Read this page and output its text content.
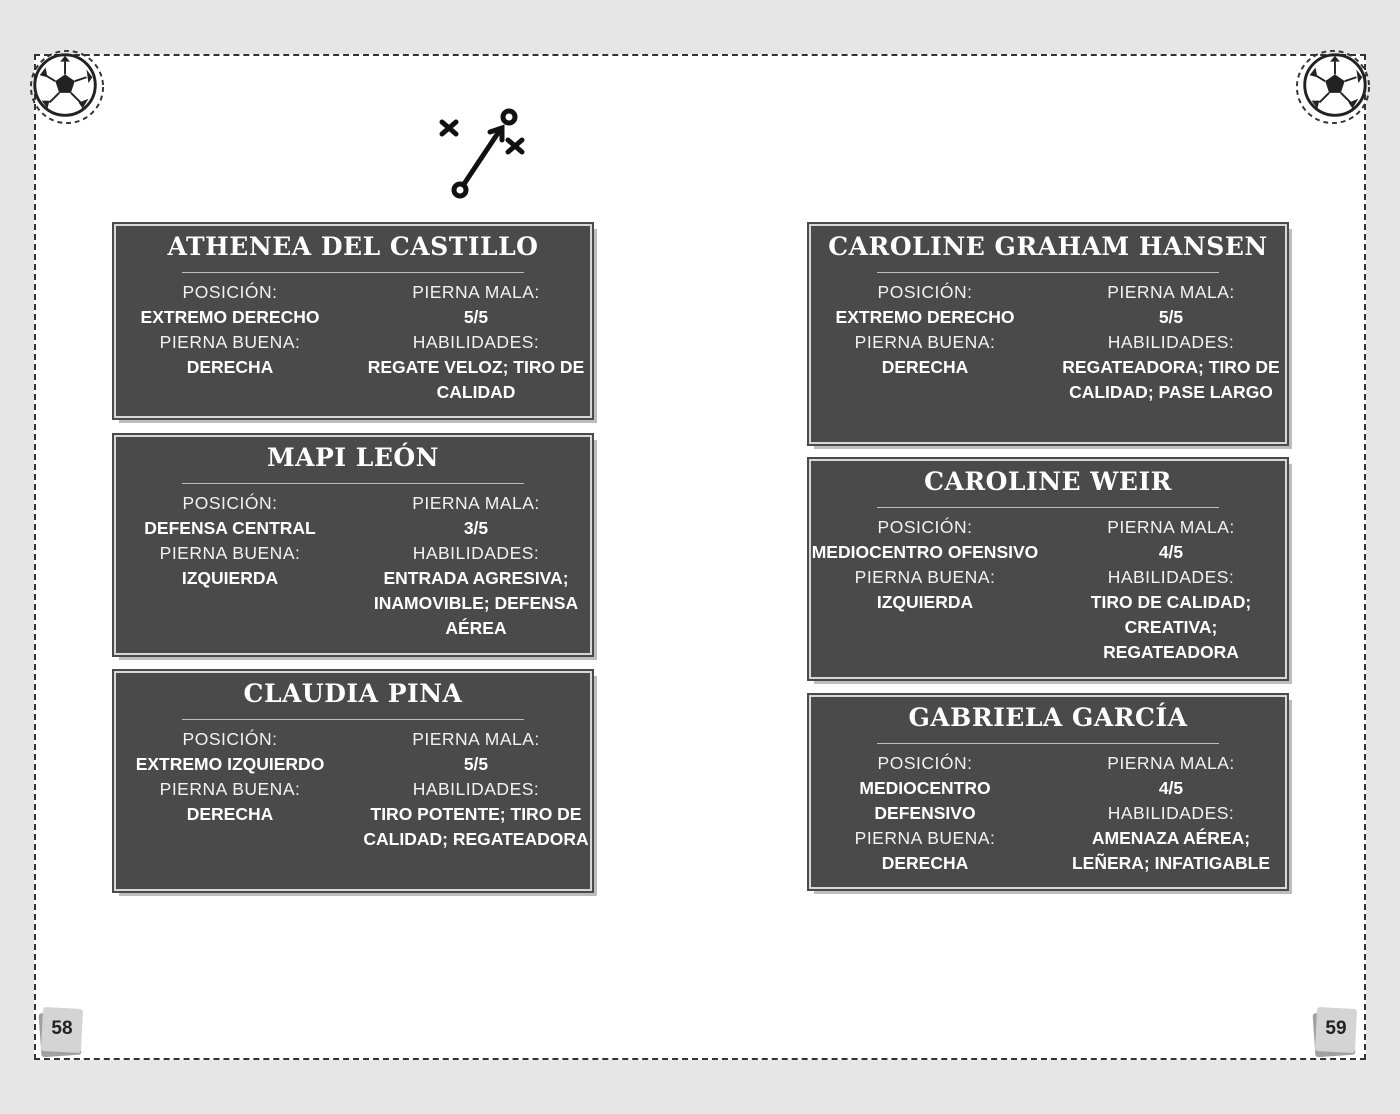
ATHENEA DEL CASTILLO
POSICIÓN:
EXTREMO DERECHO
PIERNA BUENA:
DERECHA
PIERNA MALA:
5/5
HABILIDADES:
REGATE VELOZ; TIRO DE CALIDAD
MAPI LEÓN
POSICIÓN:
DEFENSA CENTRAL
PIERNA BUENA:
IZQUIERDA
PIERNA MALA:
3/5
HABILIDADES:
ENTRADA AGRESIVA; INAMOVIBLE; DEFENSA AÉREA
CLAUDIA PINA
POSICIÓN:
EXTREMO IZQUIERDO
PIERNA BUENA:
DERECHA
PIERNA MALA:
5/5
HABILIDADES:
TIRO POTENTE; TIRO DE CALIDAD; REGATEADORA
CAROLINE GRAHAM HANSEN
POSICIÓN:
EXTREMO DERECHO
PIERNA BUENA:
DERECHA
PIERNA MALA:
5/5
HABILIDADES:
REGATEADORA; TIRO DE CALIDAD; PASE LARGO
CAROLINE WEIR
POSICIÓN:
MEDIOCENTRO OFENSIVO
PIERNA BUENA:
IZQUIERDA
PIERNA MALA:
4/5
HABILIDADES:
TIRO DE CALIDAD; CREATIVA; REGATEADORA
GABRIELA GARCÍA
POSICIÓN:
MEDIOCENTRO DEFENSIVO
PIERNA BUENA:
DERECHA
PIERNA MALA:
4/5
HABILIDADES:
AMENAZA AÉREA; LEÑERA; INFATIGABLE
58	59
